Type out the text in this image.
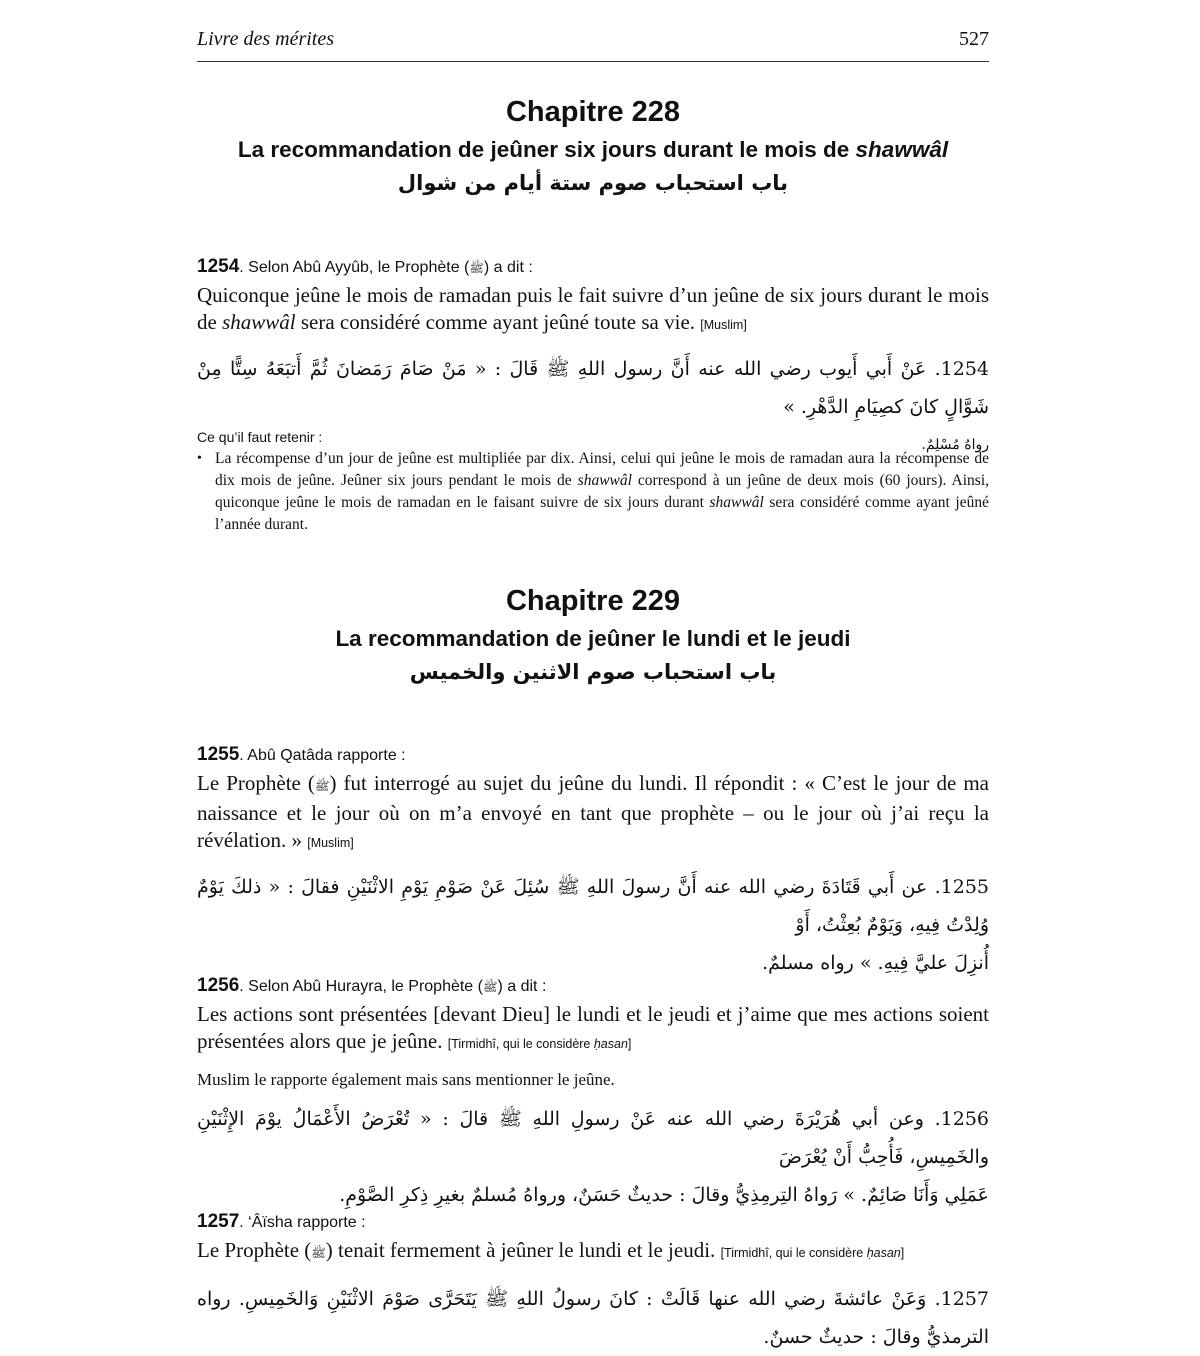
Livre des mérites	527
Chapitre 228
La recommandation de jeûner six jours durant le mois de shawwâl
باب استحباب صوم ستة أيام من شوال
1254. Selon Abû Ayyûb, le Prophète (ﷺ) a dit :
Quiconque jeûne le mois de ramadan puis le fait suivre d’un jeûne de six jours durant le mois de shawwâl sera considéré comme ayant jeûné toute sa vie. [Muslim]
1254. عَنْ أَبي أَيوب رضي الله عنه أَنَّ رسول اللهِ ﷺ قَالَ : « مَنْ صَامَ رَمَضانَ ثُمَّ أَتبَعَهُ سِتًّا مِنْ شَوَّالٍ كانَ كصِيَامِ الدَّهْرِ. »
رواهُ مُسْلِمٌ.
Ce qu’il faut retenir :
• La récompense d’un jour de jeûne est multipliée par dix. Ainsi, celui qui jeûne le mois de ramadan aura la récompense de dix mois de jeûne. Jeûner six jours pendant le mois de shawwâl correspond à un jeûne de deux mois (60 jours). Ainsi, quiconque jeûne le mois de ramadan en le faisant suivre de six jours durant shawwâl sera considéré comme ayant jeûné l’année durant.
Chapitre 229
La recommandation de jeûner le lundi et le jeudi
باب استحباب صوم الاثنين والخميس
1255. Abû Qatâda rapporte :
Le Prophète (ﷺ) fut interrogé au sujet du jeûne du lundi. Il répondit : « C’est le jour de ma naissance et le jour où on m’a envoyé en tant que prophète – ou le jour où j’ai reçu la révélation. » [Muslim]
1255. عن أَبي قَتَادَةَ رضي الله عنه أَنَّ رسولَ اللهِ ﷺ سُئِلَ عَنْ صَوْمِ يَوْمِ الاثْنَيْنِ فقالَ : « ذلكَ يَوْمٌ وُلِدْتُ فِيهِ، وَيَوْمٌ بُعِثْتُ، أَوْ
أُنزِلَ عليَّ فِيهِ. » رواه مسلمٌ.
1256. Selon Abû Hurayra, le Prophète (ﷺ) a dit :
Les actions sont présentées [devant Dieu] le lundi et le jeudi et j’aime que mes actions soient présentées alors que je jeûne. [Tirmidhî, qui le considère ḥasan]
Muslim le rapporte également mais sans mentionner le jeûne.
1256. وعن أبي هُرَيْرَةَ رضي الله عنه عَنْ رسولِ اللهِ ﷺ قالَ : « تُعْرَضُ الأَعْمَالُ يوْمَ الإِثْنَيْنِ والخَمِيسِ، فَأُحِبُّ أَنْ يُعْرَضَ
عَمَلِي وَأَنَا صَائِمٌ. » رَواهُ التِرمِذِيُّ وقالَ : حديثٌ حَسَنٌ، ورواهُ مُسلمٌ بغيرِ ذِكرِ الصَّوْمِ.
1257. ‘Âïsha rapporte :
Le Prophète (ﷺ) tenait fermement à jeûner le lundi et le jeudi. [Tirmidhî, qui le considère ḥasan]
1257. وَعَنْ عائشةَ رضي الله عنها قَالَتْ : كانَ رسولُ اللهِ ﷺ يَتَحَرَّى صَوْمَ الاثْنَيْنِ وَالخَمِيسِ. رواه الترمذيُّ وقالَ : حديثٌ حسنٌ.
